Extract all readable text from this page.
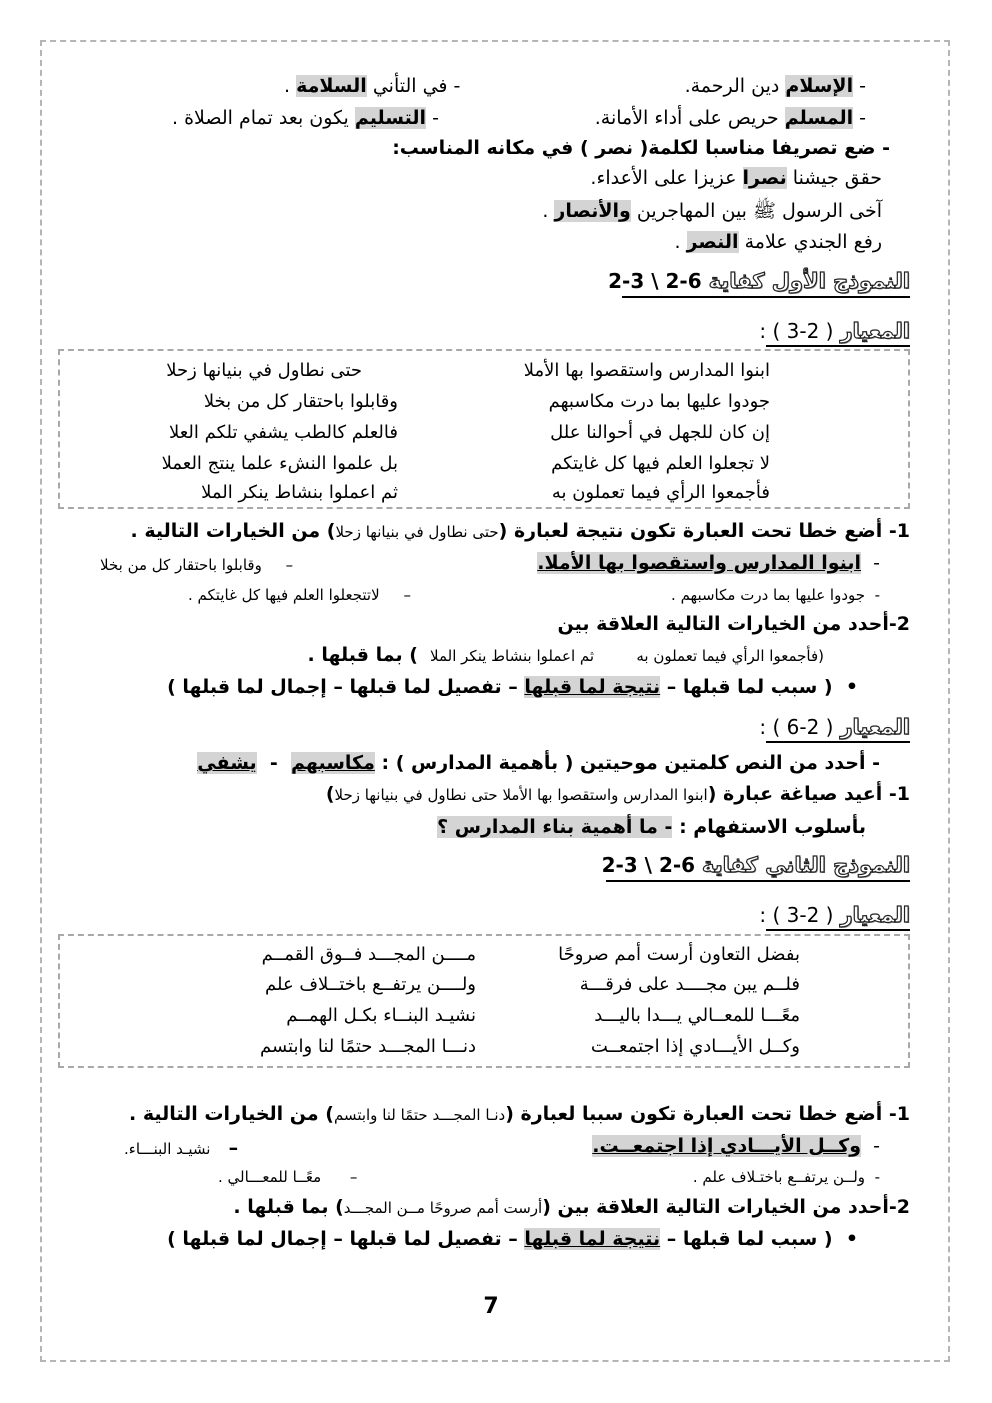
- الإسلام دين الرحمة.
- في التأني السلامة .
- المسلم حريص على أداء الأمانة.
- التسليم يكون بعد تمام الصلاة .
- ضع تصريفا مناسبا لكلمة( نصر ) في مكانه المناسب:
حقق جيشنا نصرا عزيزا على الأعداء.
آخى الرسول ﷺ بين المهاجرين والأنصار .
رفع الجندي علامة النصر .
النموذج الأول كفاية 2-3 \ 2-6
المعيار ( 2-3 ) :
ابنوا المدارس واستقصوا بها الأملا
حتى نطاول في بنيانها زحلا
جودوا عليها بما درت مكاسبهم
وقابلوا باحتقار كل من بخلا
إن كان للجهل في أحوالنا علل
فالعلم كالطب يشفي تلكم العلا
لا تجعلوا العلم فيها كل غايتكم
بل علموا النشء علما ينتج العملا
فأجمعوا الرأي فيما تعملون به
ثم اعملوا بنشاط ينكر الملا
1- أضع خطا تحت العبارة تكون نتيجة لعبارة (حتى نطاول في بنيانها زحلا) من الخيارات التالية .
-  ابنوا المدارس واستقصوا بها الأملا.
–     وقابلوا باحتقار كل من بخلا
-  جودوا عليها بما درت مكاسبهم .
–     لاتتجعلوا العلم فيها كل غايتكم .
2-أحدد من الخيارات التالية العلاقة بين
(فأجمعوا الرأي فيما تعملون به       ثم اعملوا بنشاط ينكر الملا  ) بما قبلها .
•  ( سبب لما قبلها – نتيجة لما قبلها – تفصيل لما قبلها – إجمال لما قبلها )
المعيار ( 2-6 ) :
- أحدد من النص كلمتين موحيتين ( بأهمية المدارس ) : مكاسبهم  -  يشفي
1- أعيد صياغة عبارة (ابنوا المدارس واستقصوا بها الأملا حتى نطاول في بنيانها زحلا)
بأسلوب الاستفهام : - ما أهمية بناء المدارس ؟
النموذج الثاني كفاية 2-3 \ 2-6
المعيار ( 2-3 ) :
بفضل التعاون أرست أمم صروحًا
مــــن المجـــد فــوق القمــم
فلــم يبن مجــــد على فرقـــة
ولــــن يرتفــع باختــلاف علم
معًـــا للمعــالي يـــدا باليـــد
نشيـد البنــاء بكـل الهمــم
وكــل الأيـــادي إذا اجتمعــت
دنـــا المجـــد حتمًا لنا وابتسم
1- أضع خطا تحت العبارة تكون سببا لعبارة (دنـا المجـــد حتمًا لنا وابتسم) من الخيارات التالية .
-  وكــل الأيـــادي إذا اجتمعــت.
–   نشيـد البنـــاء.
-  ولــن يرتفــع باختـلاف علم .
–      معًــا للمعـــالي .
2-أحدد من الخيارات التالية العلاقة بين (أرست أمم صروحًا مــن المجـــد) بما قبلها .
•  ( سبب لما قبلها – نتيجة لما قبلها – تفصيل لما قبلها – إجمال لما قبلها )
7
